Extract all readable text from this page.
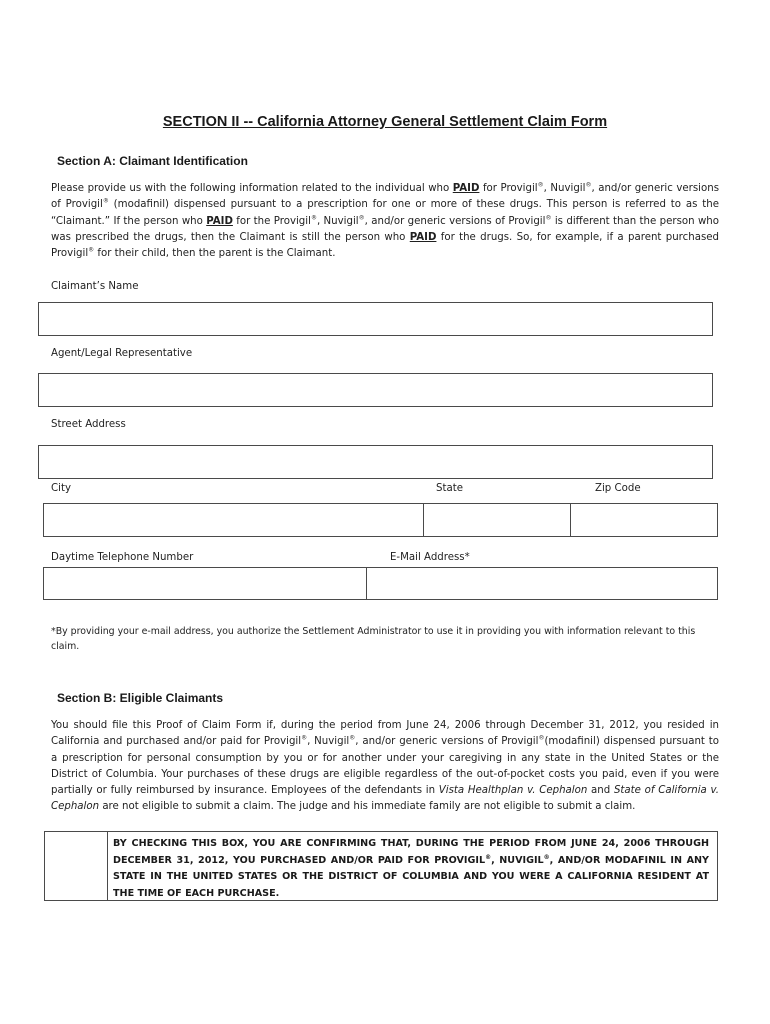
SECTION II -- California Attorney General Settlement Claim Form
Section A: Claimant Identification
Please provide us with the following information related to the individual who PAID for Provigil®, Nuvigil®, and/or generic versions of Provigil® (modafinil) dispensed pursuant to a prescription for one or more of these drugs. This person is referred to as the “Claimant.” If the person who PAID for the Provigil®, Nuvigil®, and/or generic versions of Provigil® is different than the person who was prescribed the drugs, then the Claimant is still the person who PAID for the drugs. So, for example, if a parent purchased Provigil® for their child, then the parent is the Claimant.
Claimant’s Name
Agent/Legal Representative
Street Address
City	State	Zip Code
Daytime Telephone Number	E-Mail Address*
*By providing your e-mail address, you authorize the Settlement Administrator to use it in providing you with information relevant to this claim.
Section B: Eligible Claimants
You should file this Proof of Claim Form if, during the period from June 24, 2006 through December 31, 2012, you resided in California and purchased and/or paid for Provigil®, Nuvigil®, and/or generic versions of Provigil®(modafinil) dispensed pursuant to a prescription for personal consumption by you or for another under your caregiving in any state in the United States or the District of Columbia. Your purchases of these drugs are eligible regardless of the out-of-pocket costs you paid, even if you were partially or fully reimbursed by insurance. Employees of the defendants in Vista Healthplan v. Cephalon and State of California v. Cephalon are not eligible to submit a claim. The judge and his immediate family are not eligible to submit a claim.
BY CHECKING THIS BOX, YOU ARE CONFIRMING THAT, DURING THE PERIOD FROM JUNE 24, 2006 THROUGH DECEMBER 31, 2012, YOU PURCHASED AND/OR PAID FOR PROVIGIL®, NUVIGIL®, AND/OR MODAFINIL IN ANY STATE IN THE UNITED STATES OR THE DISTRICT OF COLUMBIA AND YOU WERE A CALIFORNIA RESIDENT AT THE TIME OF EACH PURCHASE.
